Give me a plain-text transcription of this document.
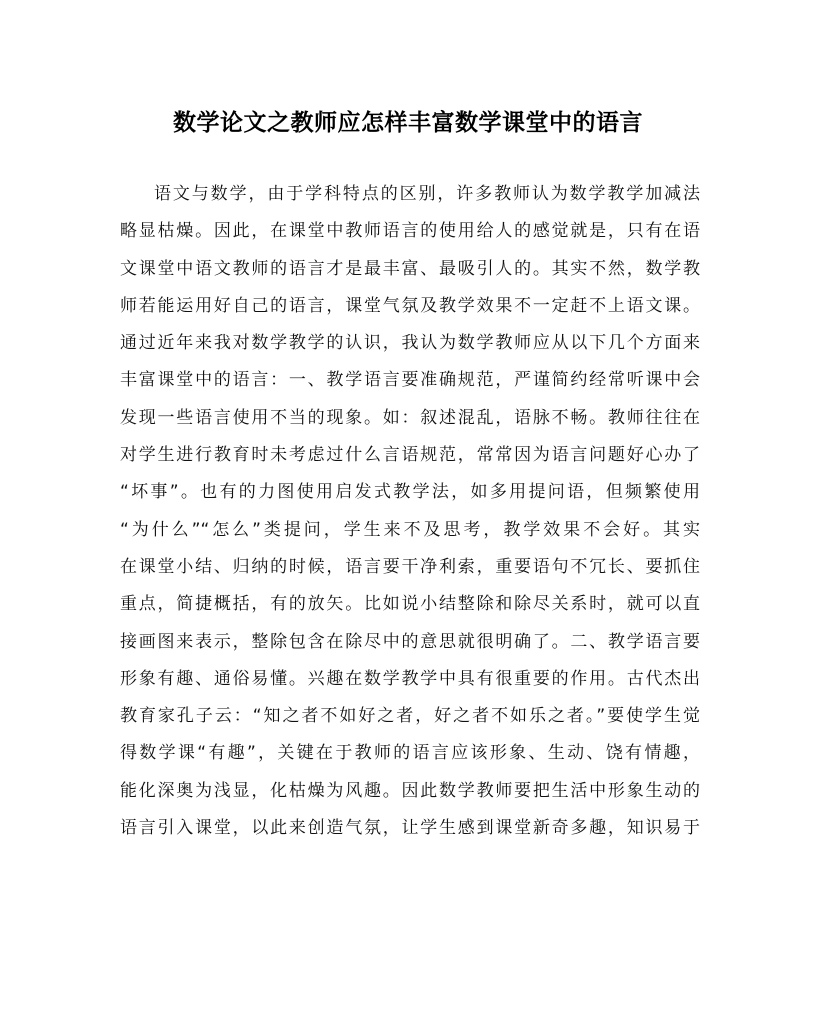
数学论文之教师应怎样丰富数学课堂中的语言
语文与数学，由于学科特点的区别，许多教师认为数学教学加减法
略显枯燥。因此，在课堂中教师语言的使用给人的感觉就是，只有在语
文课堂中语文教师的语言才是最丰富、最吸引人的。其实不然，数学教
师若能运用好自己的语言，课堂气氛及教学效果不一定赶不上语文课。
通过近年来我对数学教学的认识，我认为数学教师应从以下几个方面来
丰富课堂中的语言：一、教学语言要准确规范，严谨简约经常听课中会
发现一些语言使用不当的现象。如：叙述混乱，语脉不畅。教师往往在
对学生进行教育时未考虑过什么言语规范，常常因为语言问题好心办了
“坏事”。也有的力图使用启发式教学法，如多用提问语，但频繁使用
“为什么”“怎么”类提问，学生来不及思考，教学效果不会好。其实
在课堂小结、归纳的时候，语言要干净利索，重要语句不冗长、要抓住
重点，简捷概括，有的放矢。比如说小结整除和除尽关系时，就可以直
接画图来表示，整除包含在除尽中的意思就很明确了。二、教学语言要
形象有趣、通俗易懂。兴趣在数学教学中具有很重要的作用。古代杰出
教育家孔子云：“知之者不如好之者，好之者不如乐之者。”要使学生觉
得数学课“有趣”，关键在于教师的语言应该形象、生动、饶有情趣，
能化深奥为浅显，化枯燥为风趣。因此数学教师要把生活中形象生动的
语言引入课堂，以此来创造气氛，让学生感到课堂新奇多趣，知识易于
